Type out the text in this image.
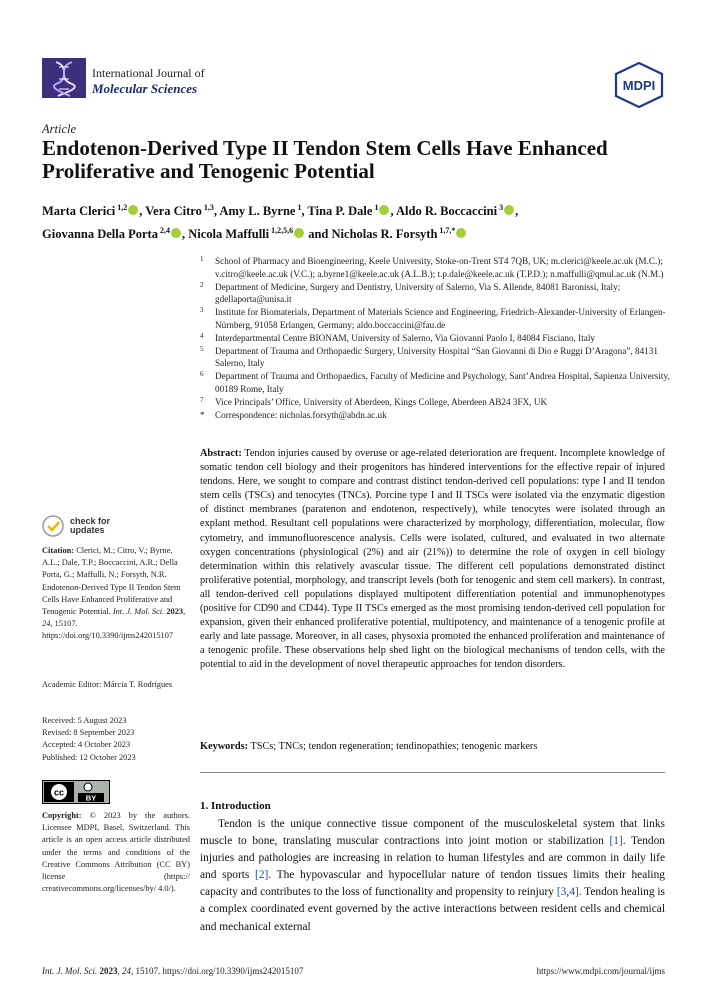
International Journal of
Molecular Sciences	MDPI
Article
Endotenon-Derived Type II Tendon Stem Cells Have Enhanced Proliferative and Tenogenic Potential
Marta Clerici $^{1,2}$ , Vera Citro $^{1,3}$, Amy L. Byrne $^1$, Tina P. Dale $^1$ , Aldo R. Boccaccini $^3$ ,
Giovanna Della Porta $^{2,4}$ , Nicola Maffulli $^{1,2,5,6}$ and Nicholas R. Forsyth $^{1,7,*}$
1 School of Pharmacy and Bioengineering, Keele University, Stoke-on-Trent ST4 7QB, UK; m.clerici@keele.ac.uk (M.C.); v.citro@keele.ac.uk (V.C.); a.byrne1@keele.ac.uk (A.L.B.); t.p.dale@keele.ac.uk (T.P.D.); n.maffulli@qmul.ac.uk (N.M.)
2 Department of Medicine, Surgery and Dentistry, University of Salerno, Via S. Allende, 84081 Baronissi, Italy; gdellaporta@unisa.it
3 Institute for Biomaterials, Department of Materials Science and Engineering, Friedrich-Alexander-University of Erlangen-Nürnberg, 91058 Erlangen, Germany; aldo.boccaccini@fau.de
4 Interdepartmental Centre BIONAM, University of Salerno, Via Giovanni Paolo I, 84084 Fisciano, Italy
5 Department of Trauma and Orthopaedic Surgery, University Hospital “San Giovanni di Dio e Ruggi D’Aragona”, 84131 Salerno, Italy
6 Department of Trauma and Orthopaedics, Faculty of Medicine and Psychology, Sant’Andrea Hospital, Sapienza University, 00189 Rome, Italy
7 Vice Principals’ Office, University of Aberdeen, Kings College, Aberdeen AB24 3FX, UK
* Correspondence: nicholas.forsyth@abdn.ac.uk
check for
updates
Citation: Clerici, M.; Citro, V.; Byrne, A.L.; Dale, T.P.; Boccaccini, A.R.; Della Porta, G.; Maffulli, N.; Forsyth, N.R. Endotenon-Derived Type II Tendon Stem Cells Have Enhanced Proliferative and Tenogenic Potential. Int. J. Mol. Sci. 2023, 24, 15107. https://doi.org/10.3390/ijms242015107
Academic Editor: Márcia T. Rodrigues
Received: 5 August 2023
Revised: 8 September 2023
Accepted: 4 October 2023
Published: 12 October 2023
cc
BY
Copyright: © 2023 by the authors. Licensee MDPI, Basel, Switzerland. This article is an open access article distributed under the terms and conditions of the Creative Commons Attribution (CC BY) license (https:// creativecommons.org/licenses/by/ 4.0/).
Abstract: Tendon injuries caused by overuse or age-related deterioration are frequent. Incomplete knowledge of somatic tendon cell biology and their progenitors has hindered interventions for the effective repair of injured tendons. Here, we sought to compare and contrast distinct tendon-derived cell populations: type I and II tendon stem cells (TSCs) and tenocytes (TNCs). Porcine type I and II TSCs were isolated via the enzymatic digestion of distinct membranes (paratenon and endotenon, respectively), while tenocytes were isolated through an explant method. Resultant cell populations were characterized by morphology, differentiation, molecular, flow cytometry, and immunofluorescence analysis. Cells were isolated, cultured, and evaluated in two alternate oxygen concentrations (physiological (2%) and air (21%)) to determine the role of oxygen in cell biology determination within this relatively avascular tissue. The different cell populations demonstrated distinct proliferative potential, morphology, and transcript levels (both for tenogenic and stem cell markers). In contrast, all tendon-derived cell populations displayed multipotent differentiation potential and immunophenotypes (positive for CD90 and CD44). Type II TSCs emerged as the most promising tendon-derived cell population for expansion, given their enhanced proliferative potential, multipotency, and maintenance of a tenogenic profile at early and late passage. Moreover, in all cases, physoxia promoted the enhanced proliferation and maintenance of a tenogenic profile. These observations help shed light on the biological mechanisms of tendon cells, with the potential to aid in the development of novel therapeutic approaches for tendon disorders.
Keywords: TSCs; TNCs; tendon regeneration; tendinopathies; tenogenic markers
1. Introduction

Tendon is the unique connective tissue component of the musculoskeletal system that links muscle to bone, translating muscular contractions into joint motion or stabilization [1]. Tendon injuries and pathologies are increasing in relation to human lifestyles and are common in daily life and sports [2]. The hypovascular and hypocellular nature of tendon tissues limits their healing capacity and contributes to the loss of functionality and propensity to reinjury [3,4]. Tendon healing is a complex coordinated event governed by the active interactions between resident cells and chemical and mechanical external

Int. J. Mol. Sci. 2023, 24, 15107. https://doi.org/10.3390/ijms242015107	https://www.mdpi.com/journal/ijms
